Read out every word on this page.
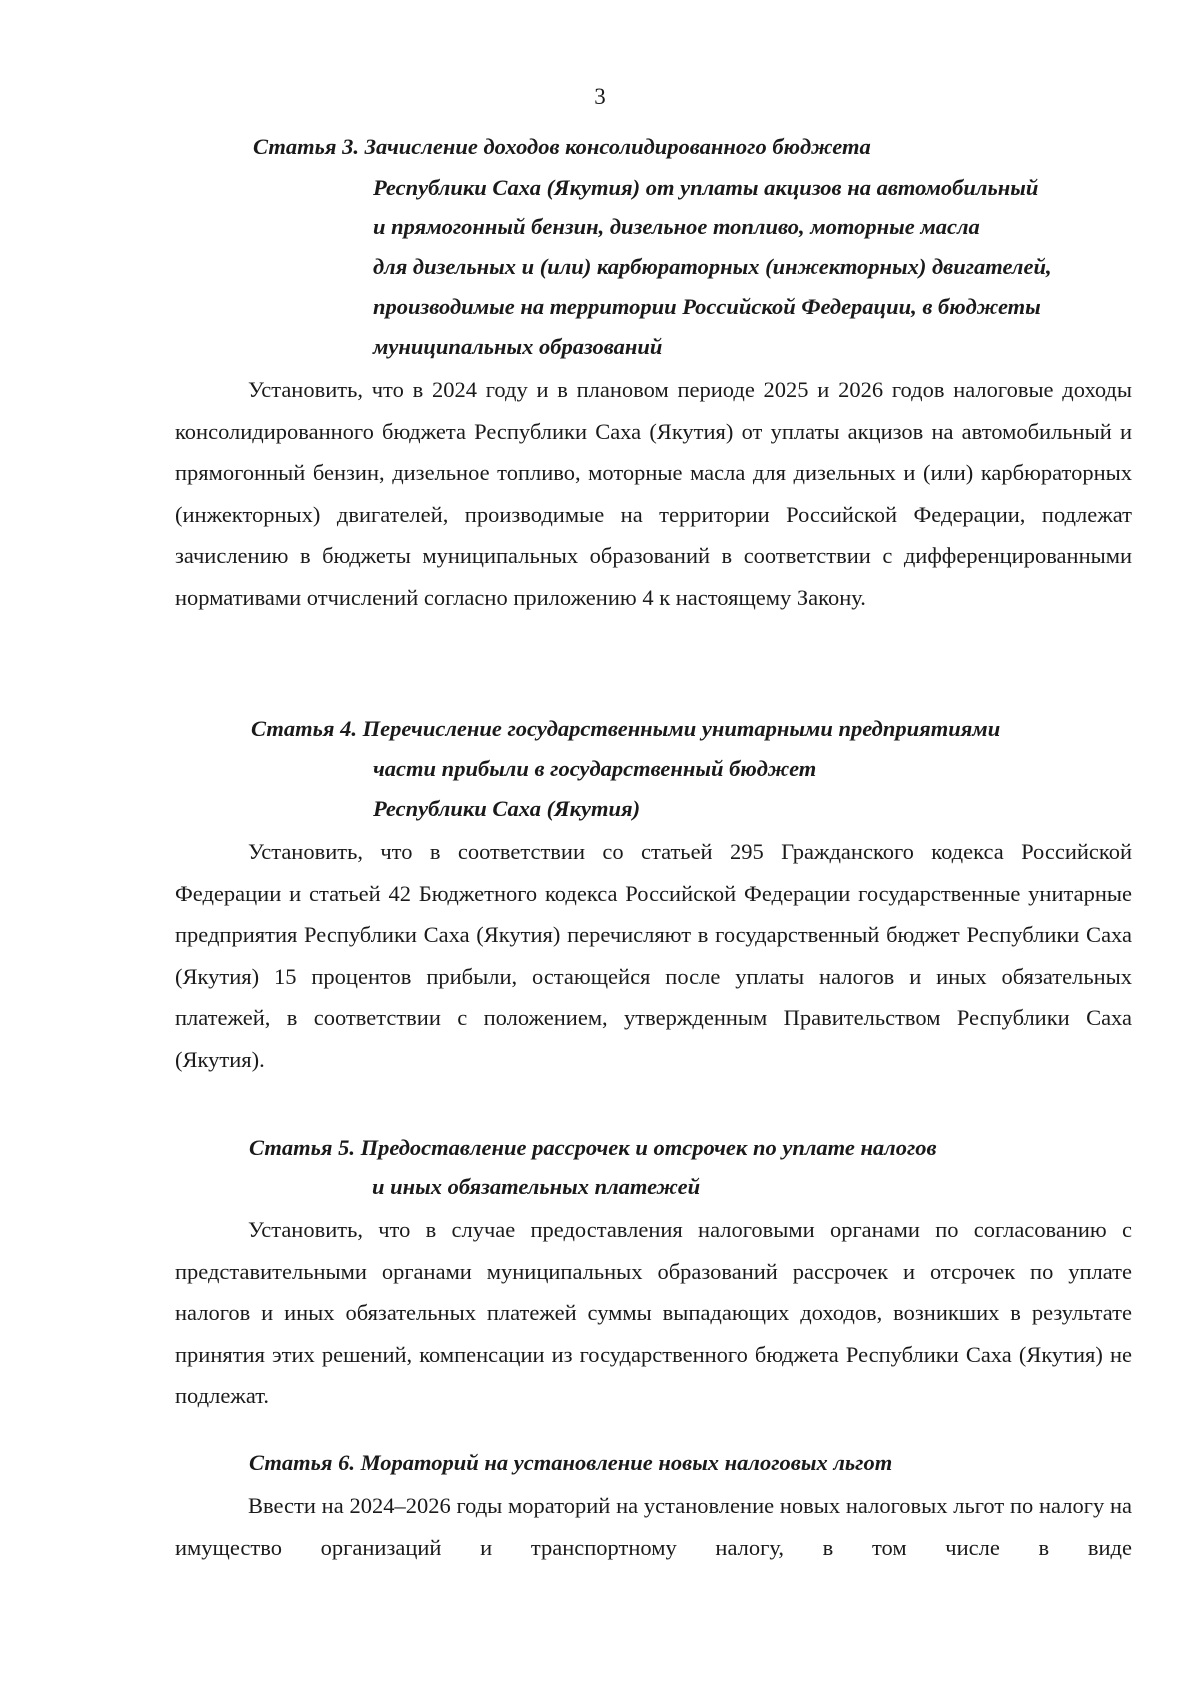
3
Статья 3. Зачисление доходов консолидированного бюджета
Республики Саха (Якутия) от уплаты акцизов на автомобильный
и прямогонный бензин, дизельное топливо, моторные масла
для дизельных и (или) карбюраторных (инжекторных) двигателей,
производимые на территории Российской Федерации, в бюджеты
муниципальных образований

Установить, что в 2024 году и в плановом периоде 2025 и 2026 годов налоговые доходы консолидированного бюджета Республики Саха (Якутия) от уплаты акцизов на автомобильный и прямогонный бензин, дизельное топливо, моторные масла для дизельных и (или) карбюраторных (инжекторных) двигателей, производимые на территории Российской Федерации, подлежат зачислению в бюджеты муниципальных образований в соответствии с дифференцированными нормативами отчислений согласно приложению 4 к настоящему Закону.

Статья 4. Перечисление государственными унитарными предприятиями
части прибыли в государственный бюджет
Республики Саха (Якутия)

Установить, что в соответствии со статьей 295 Гражданского кодекса Российской Федерации и статьей 42 Бюджетного кодекса Российской Федерации государственные унитарные предприятия Республики Саха (Якутия) перечисляют в государственный бюджет Республики Саха (Якутия) 15 процентов прибыли, остающейся после уплаты налогов и иных обязательных платежей, в соответствии с положением, утвержденным Правительством Республики Саха (Якутия).

Статья 5. Предоставление рассрочек и отсрочек по уплате налогов
и иных обязательных платежей

Установить, что в случае предоставления налоговыми органами по согласованию с представительными органами муниципальных образований рассрочек и отсрочек по уплате налогов и иных обязательных платежей суммы выпадающих доходов, возникших в результате принятия этих решений, компенсации из государственного бюджета Республики Саха (Якутия) не подлежат.

Статья 6. Мораторий на установление новых налоговых льгот

Ввести на 2024–2026 годы мораторий на установление новых налоговых льгот по налогу на имущество организаций и транспортному налогу, в том числе в виде
